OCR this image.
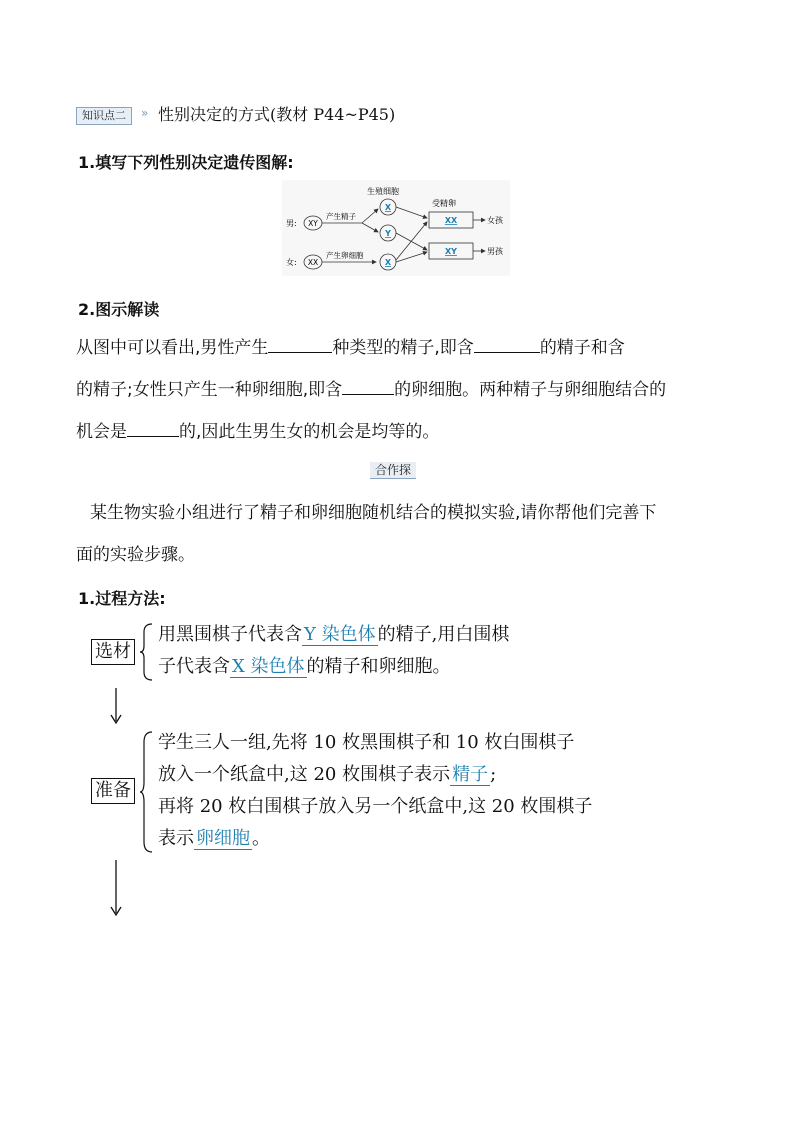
知识点二	» 性别决定的方式(教材 P44~P45)
1.填写下列性别决定遗传图解:
生殖细胞
受精卵
男: XY
产生精子
X
Y
女: XX
产生卵细胞
X
XX
XY
女孩
男孩
2.图示解读
从图中可以看出,男性产生	种类型的精子,即含	的精子和含
的精子;女性只产生一种卵细胞,即含	的卵细胞。两种精子与卵细胞结合的
机会是	的,因此生男生女的机会是均等的。
合作探
某生物实验小组进行了精子和卵细胞随机结合的模拟实验,请你帮他们完善下
面的实验步骤。
1.过程方法:
选材
用黑围棋子代表含 Y 染色体 的精子,用白围棋
子代表含 X 染色体 的精子和卵细胞。
准备
学生三人一组,先将 10 枚黑围棋子和 10 枚白围棋子
放入一个纸盒中,这 20 枚围棋子表示 精子 ;
再将 20 枚白围棋子放入另一个纸盒中,这 20 枚围棋子
表示 卵细胞 。
